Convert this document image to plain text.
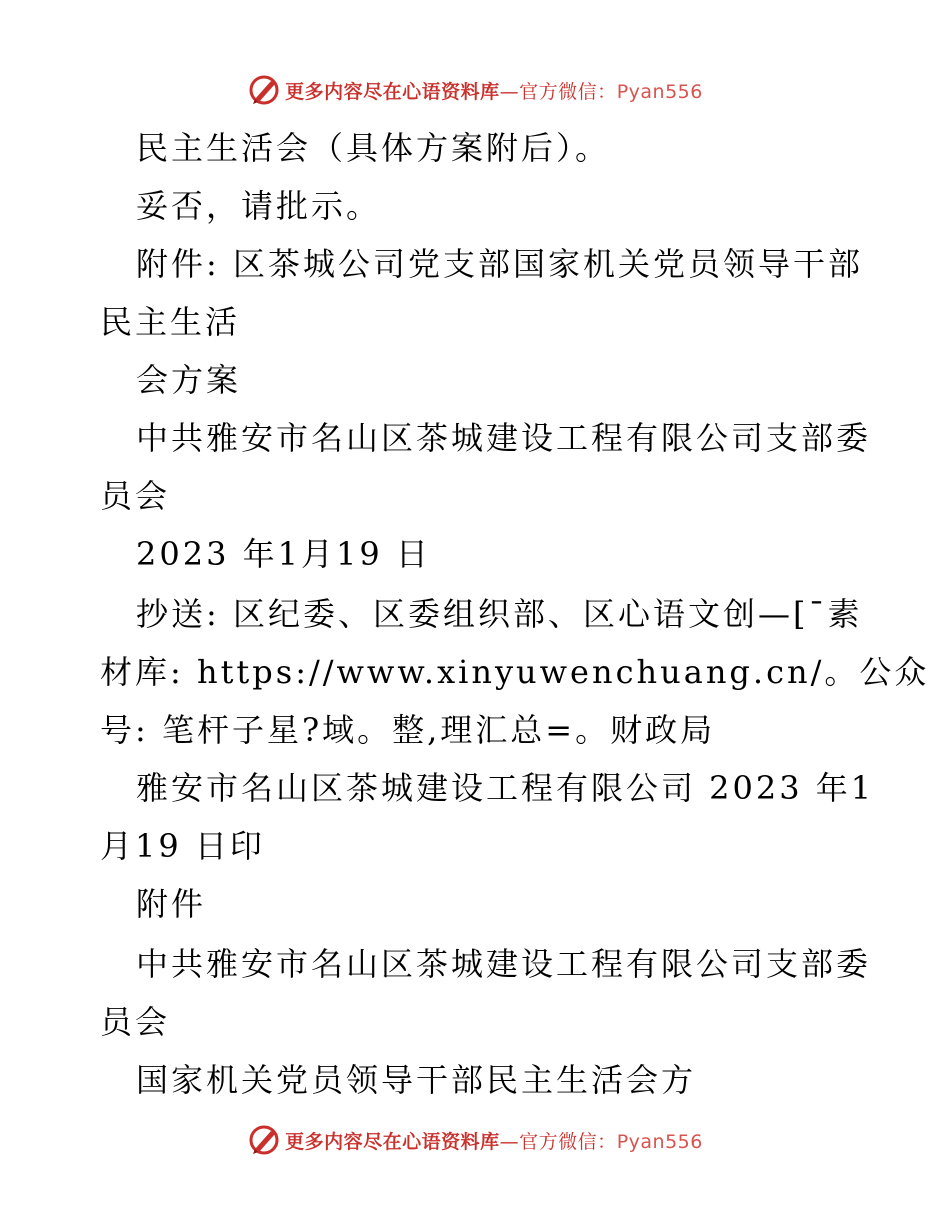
更多内容尽在心语资料库—官方微信：Pyan556
民主生活会（具体方案附后）。
妥否，请批示。
附件: 区茶城公司党支部国家机关党员领导干部
民主生活
会方案
中共雅安市名山区茶城建设工程有限公司支部委
员会
2023 年1月19 日
抄送: 区纪委、区委组织部、区心语文创—[¯素
材库: https://www.xinyuwenchuang.cn/。公众
号: 笔杆子星?域。整,理汇总=。财政局
雅安市名山区茶城建设工程有限公司 2023 年1
月19 日印
附件
中共雅安市名山区茶城建设工程有限公司支部委
员会
国家机关党员领导干部民主生活会方
更多内容尽在心语资料库—官方微信：Pyan556
